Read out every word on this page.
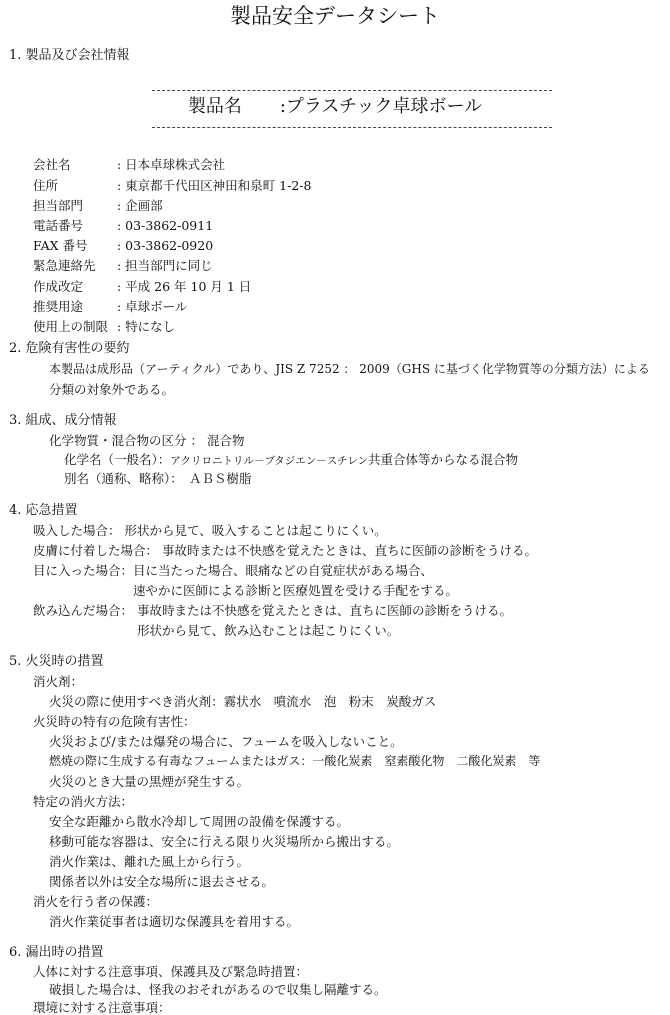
製品安全データシート
1. 製品及び会社情報
製品名 :プラスチック卓球ボール
会社名	: 日本卓球株式会社
住所	: 東京都千代田区神田和泉町 1-2-8
担当部門	: 企画部
電話番号	: 03-3862-0911
FAX 番号 : 03-3862-0920
緊急連絡先 : 担当部門に同じ
作成改定	: 平成 26 年 10 月 1 日
推奨用途	: 卓球ボール
使用上の制限 : 特になし
2. 危険有害性の要約
本製品は成形品（アーティクル）であり、JIS Z 7252 ： 2009（GHS に基づく化学物質等の分類方法）による
分類の対象外である。
3. 組成、成分情報
化学物質・混合物の区分 ： 混合物
化学名（一般名）：アクリロニトリル－ブタジエン－スチレン共重合体等からなる混合物
別名（通称、略称）：　ＡＢＳ樹脂
4. 応急措置
吸入した場合： 形状から見て、吸入することは起こりにくい。
皮膚に付着した場合： 事故時または不快感を覚えたときは、直ちに医師の診断をうける。
目に入った場合：目に当たった場合、眼痛などの自覚症状がある場合、
速やかに医師による診断と医療処置を受ける手配をする。
飲み込んだ場合： 事故時または不快感を覚えたときは、直ちに医師の診断をうける。
形状から見て、飲み込むことは起こりにくい。
5. 火災時の措置
消火剤：
火災の際に使用すべき消火剤：霧状水　噴流水　泡　粉末　炭酸ガス
火災時の特有の危険有害性：
火災および/または爆発の場合に、フュームを吸入しないこと。
燃焼の際に生成する有毒なフュームまたはガス：一酸化炭素　窒素酸化物　二酸化炭素　等
火災のとき大量の黒煙が発生する。
特定の消火方法：
安全な距離から散水冷却して周囲の設備を保護する。
移動可能な容器は、安全に行える限り火災場所から搬出する。
消火作業は、離れた風上から行う。
関係者以外は安全な場所に退去させる。
消火を行う者の保護：
消火作業従事者は適切な保護具を着用する。
6. 漏出時の措置
人体に対する注意事項、保護具及び緊急時措置：
破損した場合は、怪我のおそれがあるので収集し隔離する。
環境に対する注意事項：
